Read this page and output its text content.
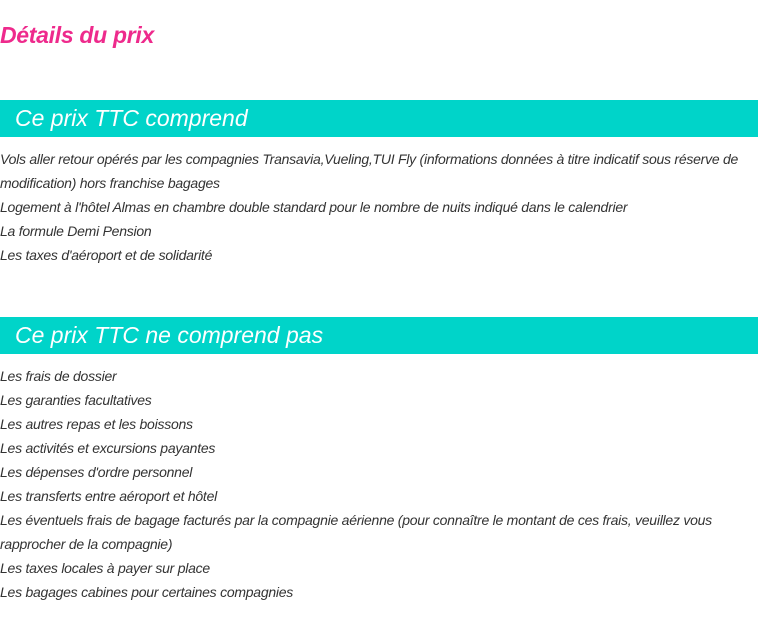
Détails du prix
Ce prix TTC comprend
Vols aller retour opérés par les compagnies Transavia,Vueling,TUI Fly (informations données à titre indicatif sous réserve de modification) hors franchise bagages
Logement à l'hôtel Almas en chambre double standard pour le nombre de nuits indiqué dans le calendrier
La formule Demi Pension
Les taxes d'aéroport et de solidarité
Ce prix TTC ne comprend pas
Les frais de dossier
Les garanties facultatives
Les autres repas et les boissons
Les activités et excursions payantes
Les dépenses d'ordre personnel
Les transferts entre aéroport et hôtel
Les éventuels frais de bagage facturés par la compagnie aérienne (pour connaître le montant de ces frais, veuillez vous rapprocher de la compagnie)
Les taxes locales à payer sur place
Les bagages cabines pour certaines compagnies
